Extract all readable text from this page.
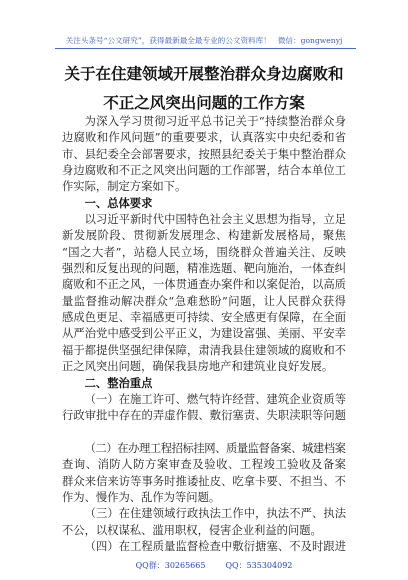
关注头条号“公文研究”，获得最新最全最专业的公文资料库！ 微信：gongwenyj
关于在住建领域开展整治群众身边腐败和
不正之风突出问题的工作方案
为深入学习贯彻习近平总书记关于“持续整治群众身
边腐败和作风问题”的重要要求，认真落实中央纪委和省
市、县纪委全会部署要求，按照县纪委关于集中整治群众
身边腐败和不正之风突出问题的工作部署，结合本单位工
作实际，制定方案如下。
一、总体要求
以习近平新时代中国特色社会主义思想为指导，立足
新发展阶段、贯彻新发展理念、构建新发展格局，聚焦
“国之大者”，站稳人民立场，围绕群众普遍关注、反映
强烈和反复出现的问题，精准选题、靶向施治，一体查纠
腐败和不正之风，一体贯通查办案件和以案促治，以高质
量监督推动解决群众“急难愁盼”问题，让人民群众获得
感成色更足、幸福感更可持续、安全感更有保障，在全面
从严治党中感受到公平正义，为建设富强、美丽、平安幸
福于都提供坚强纪律保障，肃清我县住建领域的腐败和不
正之风突出问题，确保我县房地产和建筑业良好发展。
二、整治重点
（一）在施工许可、燃气特许经营、建筑企业资质等
行政审批中存在的弄虚作假、敷衍塞责、失职渎职等问题
（二）在办理工程招标挂网、质量监督备案、城建档案
查询、消防人防方案审查及验收、工程竣工验收及备案
群众来信来访等事务时推诿扯皮、吃拿卡要、不担当、不
作为、慢作为、乱作为等问题。
（三）在住建领域行政执法工作中，执法不严、执法
不公，以权谋私、滥用职权，侵害企业利益的问题。
（四）在工程质量监督检查中敷衍搪塞、不及时跟进
QQ群：30265665	QQ：535304092
